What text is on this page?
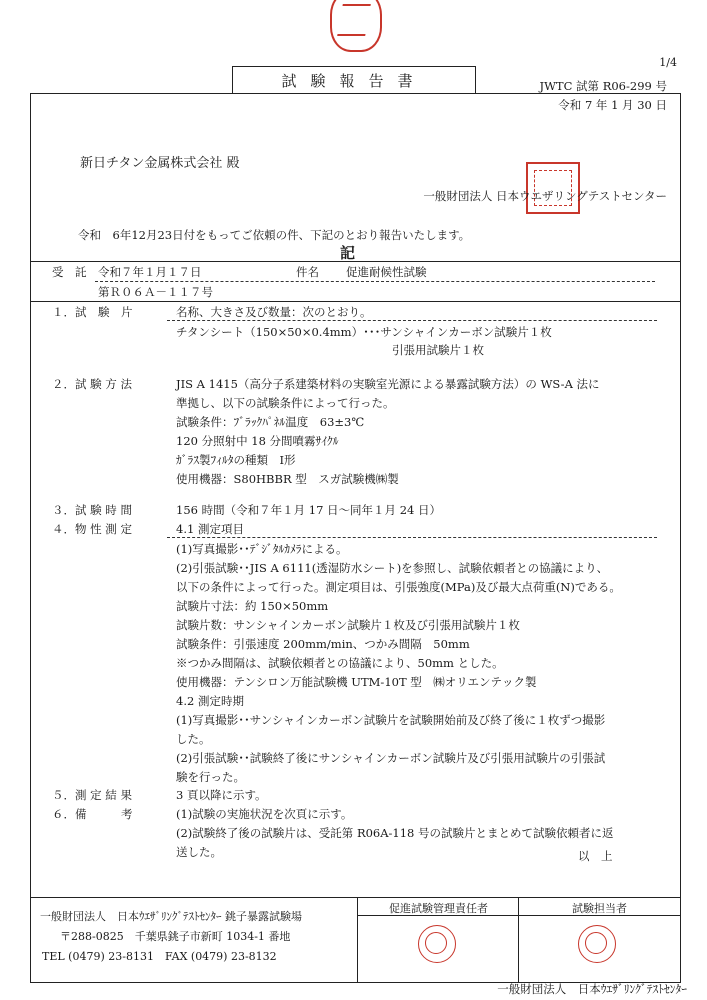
1/4
試験報告書	JWTC 試第 R06-299 号
令和 7 年 1 月 30 日
新日チタン金属株式会社 殿
一般財団法人 日本ウエザリングテストセンター
令和　6年12月23日付をもってご依頼の件、下記のとおり報告いたします。
記
受　託 令和７年１月１７日	件名 促進耐候性試験
第Ｒ０６Ａ－１１７号
１．試　験　片	名称、大きさ及び数量：次のとおり。
チタンシート（150×50×0.4mm）･･･サンシャインカーボン試験片１枚
引張用試験片１枚
２．試 験 方 法	JIS A 1415（高分子系建築材料の実験室光源による暴露試験方法）の WS-A 法に
準拠し、以下の試験条件によって行った。
試験条件：ﾌﾞﾗｯｸﾊﾟﾈﾙ温度　63±3℃
120 分照射中 18 分間噴霧ｻｲｸﾙ
ｶﾞﾗｽ製ﾌｨﾙﾀの種類　Ⅰ形
使用機器：S80HBBR 型　スガ試験機㈱製
３．試 験 時 間	156 時間（令和７年１月 17 日～同年１月 24 日）
４．物 性 測 定	4.1 測定項目
(1)写真撮影･･ﾃﾞｼﾞﾀﾙｶﾒﾗによる。
(2)引張試験･･JIS A 6111(透湿防水シート)を参照し、試験依頼者との協議により、
以下の条件によって行った。測定項目は、引張強度(MPa)及び最大点荷重(N)である。
試験片寸法：約 150×50mm
試験片数：サンシャインカーボン試験片１枚及び引張用試験片１枚
試験条件：引張速度 200mm/min、つかみ間隔　50mm
※つかみ間隔は、試験依頼者との協議により、50mm とした。
使用機器：テンシロン万能試験機 UTM-10T 型　㈱オリエンテック製
4.2 測定時期
(1)写真撮影･･サンシャインカーボン試験片を試験開始前及び終了後に１枚ずつ撮影
した。
(2)引張試験･･試験終了後にサンシャインカーボン試験片及び引張用試験片の引張試
験を行った。
５．測 定 結 果	3 頁以降に示す。
６．備　　　考	(1)試験の実施状況を次頁に示す。
(2)試験終了後の試験片は、受託第 R06A-118 号の試験片とまとめて試験依頼者に返
送した。	以　上
一般財団法人　日本ｳｴｻﾞﾘﾝｸﾞﾃｽﾄｾﾝﾀｰ 銚子暴露試験場
〒288-0825　千葉県銚子市新町 1034-1 番地
TEL (0479) 23-8131　FAX (0479) 23-8132
促進試験管理責任者	試験担当者
一般財団法人　日本ｳｴｻﾞﾘﾝｸﾞﾃｽﾄｾﾝﾀｰ
